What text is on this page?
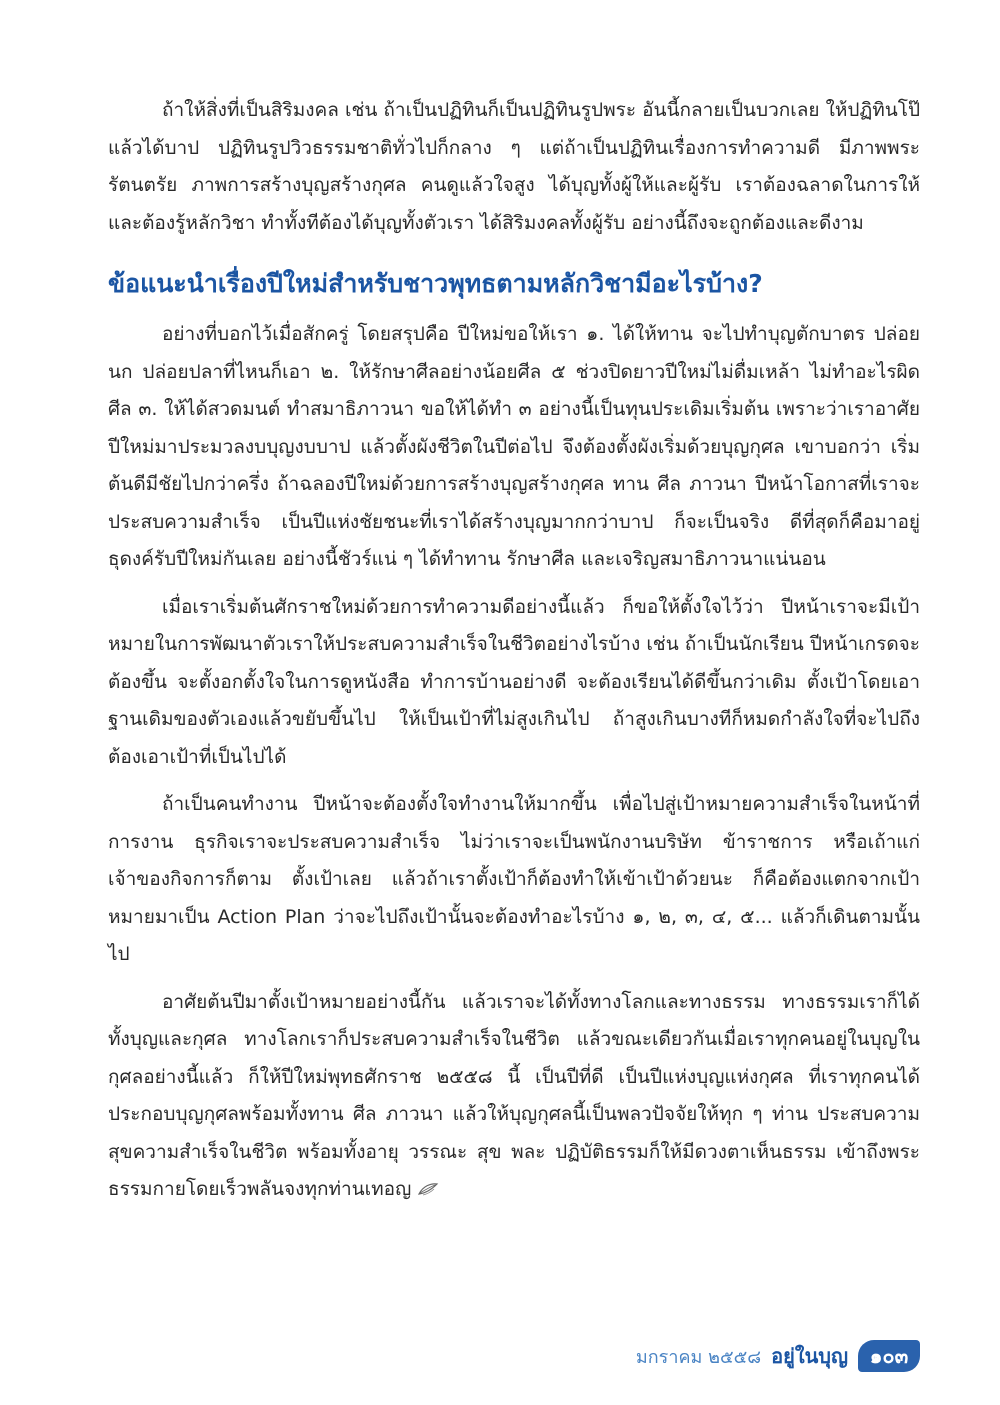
ถ้าให้สิ่งที่เป็นสิริมงคล เช่น ถ้าเป็นปฏิทินก็เป็นปฏิทินรูปพระ อันนี้กลายเป็นบวกเลย ให้ปฏิทินโป๊แล้วได้บาป ปฏิทินรูปวิวธรรมชาติทั่วไปก็กลาง ๆ แต่ถ้าเป็นปฏิทินเรื่องการทำความดี มีภาพพระรัตนตรัย ภาพการสร้างบุญสร้างกุศล คนดูแล้วใจสูง ได้บุญทั้งผู้ให้และผู้รับ เราต้องฉลาดในการให้และต้องรู้หลักวิชา ทำทั้งทีต้องได้บุญทั้งตัวเรา ได้สิริมงคลทั้งผู้รับ อย่างนี้ถึงจะถูกต้องและดีงาม

ข้อแนะนำเรื่องปีใหม่สำหรับชาวพุทธตามหลักวิชามีอะไรบ้าง?

อย่างที่บอกไว้เมื่อสักครู่ โดยสรุปคือ ปีใหม่ขอให้เรา ๑. ได้ให้ทาน จะไปทำบุญตักบาตร ปล่อยนก ปล่อยปลาที่ไหนก็เอา ๒. ให้รักษาศีลอย่างน้อยศีล ๕ ช่วงปิดยาวปีใหม่ไม่ดื่มเหล้า ไม่ทำอะไรผิดศีล ๓. ให้ได้สวดมนต์ ทำสมาธิภาวนา ขอให้ได้ทำ ๓ อย่างนี้เป็นทุนประเดิมเริ่มต้น เพราะว่าเราอาศัยปีใหม่มาประมวลงบบุญงบบาป แล้วตั้งผังชีวิตในปีต่อไป จึงต้องตั้งผังเริ่มด้วยบุญกุศล เขาบอกว่า เริ่มต้นดีมีชัยไปกว่าครึ่ง ถ้าฉลองปีใหม่ด้วยการสร้างบุญสร้างกุศล ทาน ศีล ภาวนา ปีหน้าโอกาสที่เราจะประสบความสำเร็จ เป็นปีแห่งชัยชนะที่เราได้สร้างบุญมากกว่าบาป ก็จะเป็นจริง ดีที่สุดก็คือมาอยู่ธุดงค์รับปีใหม่กันเลย อย่างนี้ชัวร์แน่ ๆ ได้ทำทาน รักษาศีล และเจริญสมาธิภาวนาแน่นอน

เมื่อเราเริ่มต้นศักราชใหม่ด้วยการทำความดีอย่างนี้แล้ว ก็ขอให้ตั้งใจไว้ว่า ปีหน้าเราจะมีเป้าหมายในการพัฒนาตัวเราให้ประสบความสำเร็จในชีวิตอย่างไรบ้าง เช่น ถ้าเป็นนักเรียน ปีหน้าเกรดจะต้องขึ้น จะตั้งอกตั้งใจในการดูหนังสือ ทำการบ้านอย่างดี จะต้องเรียนได้ดีขึ้นกว่าเดิม ตั้งเป้าโดยเอาฐานเดิมของตัวเองแล้วขยับขึ้นไป ให้เป็นเป้าที่ไม่สูงเกินไป ถ้าสูงเกินบางทีก็หมดกำลังใจที่จะไปถึง ต้องเอาเป้าที่เป็นไปได้

ถ้าเป็นคนทำงาน ปีหน้าจะต้องตั้งใจทำงานให้มากขึ้น เพื่อไปสู่เป้าหมายความสำเร็จในหน้าที่การงาน ธุรกิจเราจะประสบความสำเร็จ ไม่ว่าเราจะเป็นพนักงานบริษัท ข้าราชการ หรือเถ้าแก่เจ้าของกิจการก็ตาม ตั้งเป้าเลย แล้วถ้าเราตั้งเป้าก็ต้องทำให้เข้าเป้าด้วยนะ ก็คือต้องแตกจากเป้าหมายมาเป็น Action Plan ว่าจะไปถึงเป้านั้นจะต้องทำอะไรบ้าง ๑, ๒, ๓, ๔, ๕... แล้วก็เดินตามนั้นไป

อาศัยต้นปีมาตั้งเป้าหมายอย่างนี้กัน แล้วเราจะได้ทั้งทางโลกและทางธรรม ทางธรรมเราก็ได้ทั้งบุญและกุศล ทางโลกเราก็ประสบความสำเร็จในชีวิต แล้วขณะเดียวกันเมื่อเราทุกคนอยู่ในบุญในกุศลอย่างนี้แล้ว ก็ให้ปีใหม่พุทธศักราช ๒๕๕๘ นี้ เป็นปีที่ดี เป็นปีแห่งบุญแห่งกุศล ที่เราทุกคนได้ประกอบบุญกุศลพร้อมทั้งทาน ศีล ภาวนา แล้วให้บุญกุศลนี้เป็นพลวปัจจัยให้ทุก ๆ ท่าน ประสบความสุขความสำเร็จในชีวิต พร้อมทั้งอายุ วรรณะ สุข พละ ปฏิบัติธรรมก็ให้มีดวงตาเห็นธรรม เข้าถึงพระธรรมกายโดยเร็วพลันจงทุกท่านเทอญ

มกราคม ๒๕๕๘ อยู่ในบุญ	๑๐๓
